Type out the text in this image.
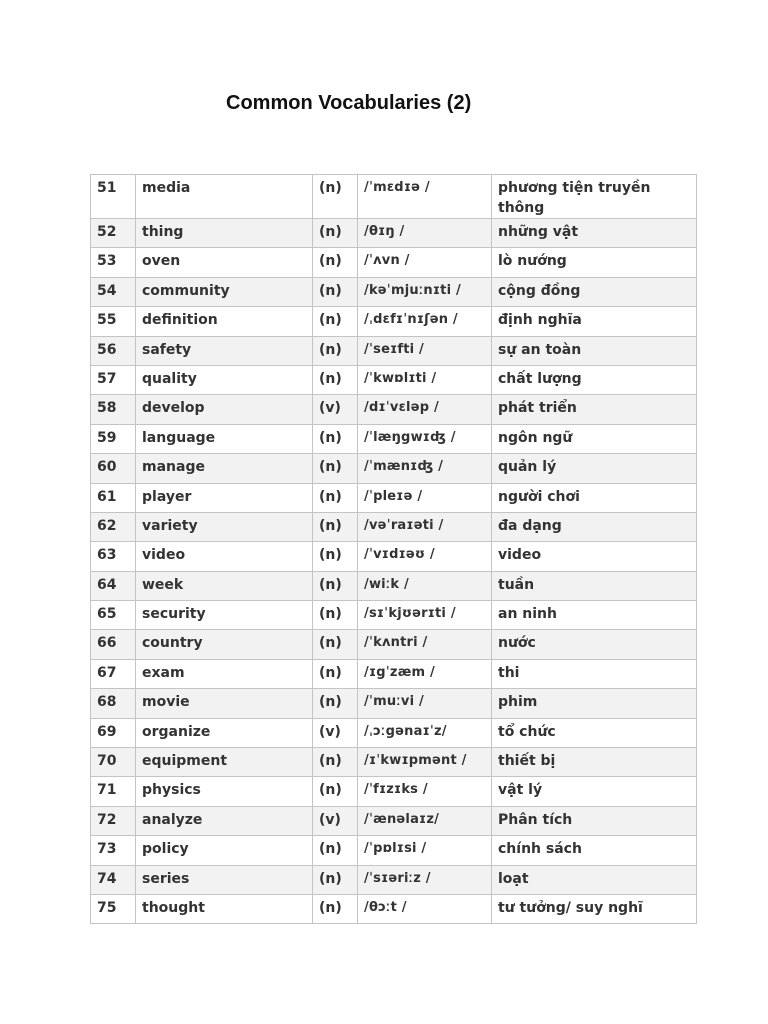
Common Vocabularies (2)
51	media	(n)	/ˈmɛdɪə /	phương tiện truyền thông
52	thing	(n)	/θɪŋ /	những vật
53	oven	(n)	/ˈʌvn /	lò nướng
54	community	(n)	/kəˈmjuːnɪti /	cộng đồng
55	definition	(n)	/ˌdɛfɪˈnɪʃən /	định nghĩa
56	safety	(n)	/ˈseɪfti /	sự an toàn
57	quality	(n)	/ˈkwɒlɪti /	chất lượng
58	develop	(v)	/dɪˈvɛləp /	phát triển
59	language	(n)	/ˈlæŋgwɪʤ /	ngôn ngữ
60	manage	(n)	/ˈmænɪʤ /	quản lý
61	player	(n)	/ˈpleɪə /	người chơi
62	variety	(n)	/vəˈraɪəti /	đa dạng
63	video	(n)	/ˈvɪdɪəʊ /	video
64	week	(n)	/wiːk /	tuần
65	security	(n)	/sɪˈkjʊərɪti /	an ninh
66	country	(n)	/ˈkʌntri /	nước
67	exam	(n)	/ɪgˈzæm /	thi
68	movie	(n)	/ˈmuːvi /	phim
69	organize	(v)	/ˌɔːgənaɪˈz/	tổ chức
70	equipment	(n)	/ɪˈkwɪpmənt /	thiết bị
71	physics	(n)	/ˈfɪzɪks /	vật lý
72	analyze	(v)	/ˈænəlaɪz/	Phân tích
73	policy	(n)	/ˈpɒlɪsi /	chính sách
74	series	(n)	/ˈsɪəriːz /	loạt
75	thought	(n)	/θɔːt /	tư tưởng/ suy nghĩ
